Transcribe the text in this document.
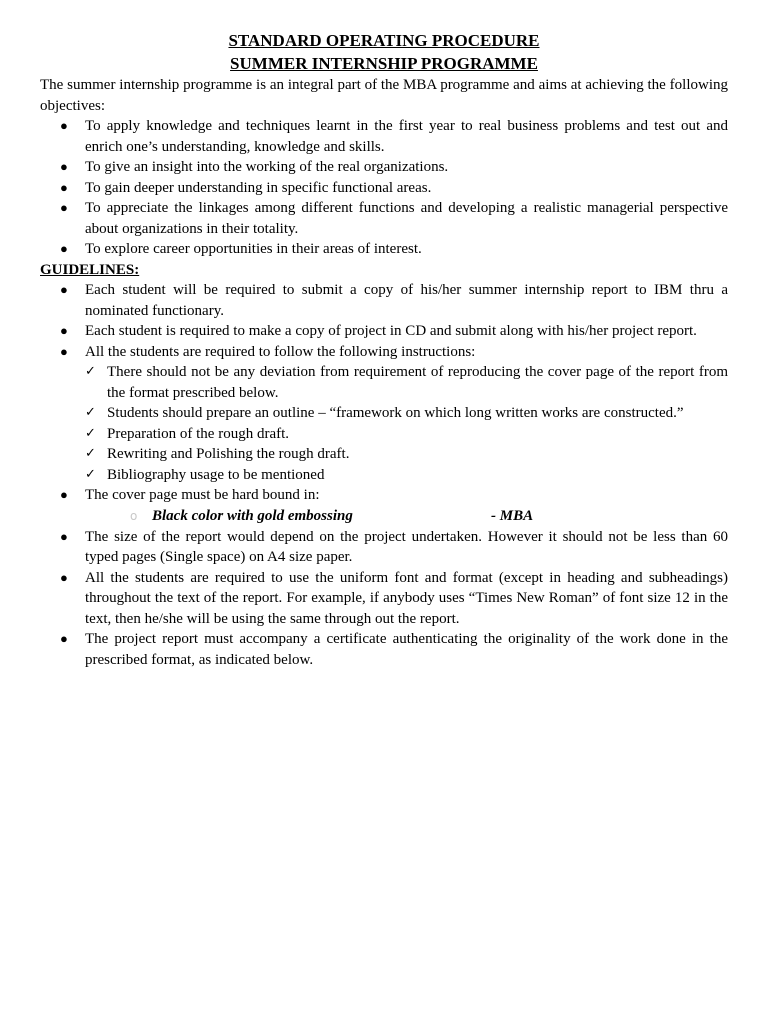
STANDARD OPERATING PROCEDURE

SUMMER INTERNSHIP PROGRAMME

The summer internship programme is an integral part of the MBA programme and aims at achieving the following objectives:

● To apply knowledge and techniques learnt in the first year to real business problems and test out and enrich one’s understanding, knowledge and skills.
● To give an insight into the working of the real organizations.
● To gain deeper understanding in specific functional areas.
● To appreciate the linkages among different functions and developing a realistic managerial perspective about organizations in their totality.
● To explore career opportunities in their areas of interest.

GUIDELINES:

● Each student will be required to submit a copy of his/her summer internship report to IBM thru a nominated functionary.
● Each student is required to make a copy of project in CD and submit along with his/her project report.
● All the students are required to follow the following instructions:
✓ There should not be any deviation from requirement of reproducing the cover page of the report from the format prescribed below.
✓ Students should prepare an outline – “framework on which long written works are constructed.”
✓ Preparation of the rough draft.
✓ Rewriting and Polishing the rough draft.
✓ Bibliography usage to be mentioned
● The cover page must be hard bound in:
o Black color with gold embossing	- MBA
● The size of the report would depend on the project undertaken. However it should not be less than 60 typed pages (Single space) on A4 size paper.
● All the students are required to use the uniform font and format (except in heading and subheadings) throughout the text of the report. For example, if anybody uses “Times New Roman” of font size 12 in the text, then he/she will be using the same through out the report.
● The project report must accompany a certificate authenticating the originality of the work done in the prescribed format, as indicated below.
